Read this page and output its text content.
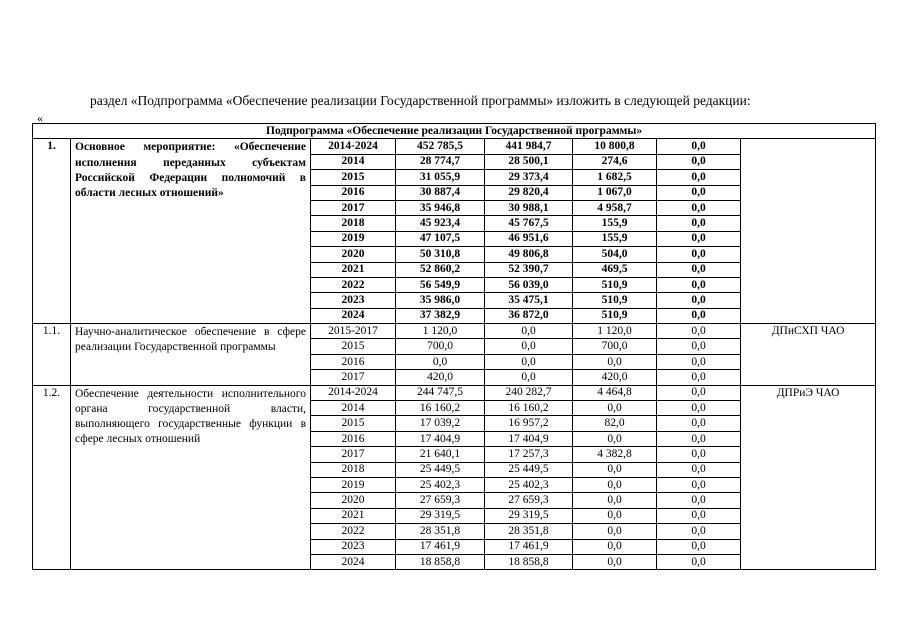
раздел «Подпрограмма «Обеспечение реализации Государственной программы» изложить в следующей редакции:
«
Подпрограмма «Обеспечение реализации Государственной программы»							
1.	Основное мероприятие: «Обеспечение исполнения переданных субъектам Российской Федерации полномочий в области лесных отношений»	2014-2024	452 785,5	441 984,7	10 800,8	0,0	
		2014	28 774,7	28 500,1	274,6	0,0	
		2015	31 055,9	29 373,4	1 682,5	0,0	
		2016	30 887,4	29 820,4	1 067,0	0,0	
		2017	35 946,8	30 988,1	4 958,7	0,0	
		2018	45 923,4	45 767,5	155,9	0,0	
		2019	47 107,5	46 951,6	155,9	0,0	
		2020	50 310,8	49 806,8	504,0	0,0	
		2021	52 860,2	52 390,7	469,5	0,0	
		2022	56 549,9	56 039,0	510,9	0,0	
		2023	35 986,0	35 475,1	510,9	0,0	
		2024	37 382,9	36 872,0	510,9	0,0	
1.1.	Научно-аналитическое обеспечение в сфере реализации Государственной программы	2015-2017	1 120,0	0,0	1 120,0	0,0	ДПиСХП ЧАО
		2015	700,0	0,0	700,0	0,0	
		2016	0,0	0,0	0,0	0,0	
		2017	420,0	0,0	420,0	0,0	
1.2.	Обеспечение деятельности исполнительного органа государственной власти, выполняющего государственные функции в сфере лесных отношений	2014-2024	244 747,5	240 282,7	4 464,8	0,0	ДПРиЭ ЧАО
		2014	16 160,2	16 160,2	0,0	0,0	
		2015	17 039,2	16 957,2	82,0	0,0	
		2016	17 404,9	17 404,9	0,0	0,0	
		2017	21 640,1	17 257,3	4 382,8	0,0	
		2018	25 449,5	25 449,5	0,0	0,0	
		2019	25 402,3	25 402,3	0,0	0,0	
		2020	27 659,3	27 659,3	0,0	0,0	
		2021	29 319,5	29 319,5	0,0	0,0	
		2022	28 351,8	28 351,8	0,0	0,0	
		2023	17 461,9	17 461,9	0,0	0,0	
		2024	18 858,8	18 858,8	0,0	0,0	
